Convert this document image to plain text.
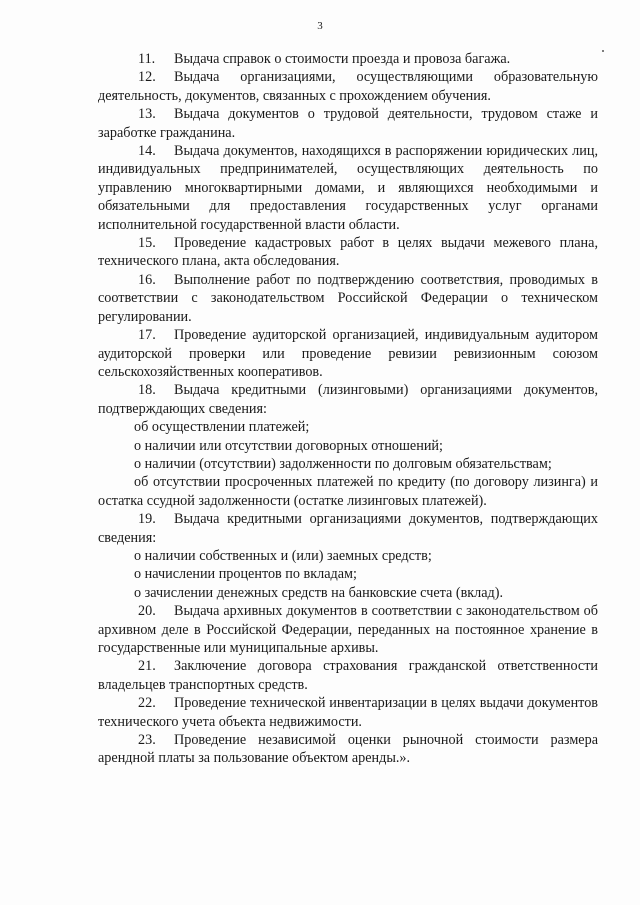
3

11. Выдача справок о стоимости проезда и провоза багажа.

12. Выдача организациями, осуществляющими образовательную деятельность, документов, связанных с прохождением обучения.

13. Выдача документов о трудовой деятельности, трудовом стаже и заработке гражданина.

14. Выдача документов, находящихся в распоряжении юридических лиц, индивидуальных предпринимателей, осуществляющих деятельность по управлению многоквартирными домами, и являющихся необходимыми и обязательными для предоставления государственных услуг органами исполнительной государственной власти области.

15. Проведение кадастровых работ в целях выдачи межевого плана, технического плана, акта обследования.

16. Выполнение работ по подтверждению соответствия, проводимых в соответствии с законодательством Российской Федерации о техническом регулировании.

17. Проведение аудиторской организацией, индивидуальным аудитором аудиторской проверки или проведение ревизии ревизионным союзом сельскохозяйственных кооперативов.

18. Выдача кредитными (лизинговыми) организациями документов, подтверждающих сведения:

об осуществлении платежей;

о наличии или отсутствии договорных отношений;

о наличии (отсутствии) задолженности по долговым обязательствам;

об отсутствии просроченных платежей по кредиту (по договору лизинга) и остатка ссудной задолженности (остатке лизинговых платежей).

19. Выдача кредитными организациями документов, подтверждающих сведения:

о наличии собственных и (или) заемных средств;

о начислении процентов по вкладам;

о зачислении денежных средств на банковские счета (вклад).

20. Выдача архивных документов в соответствии с законодательством об архивном деле в Российской Федерации, переданных на постоянное хранение в государственные или муниципальные архивы.

21. Заключение договора страхования гражданской ответственности владельцев транспортных средств.

22. Проведение технической инвентаризации в целях выдачи документов технического учета объекта недвижимости.

23. Проведение независимой оценки рыночной стоимости размера арендной платы за пользование объектом аренды.».
